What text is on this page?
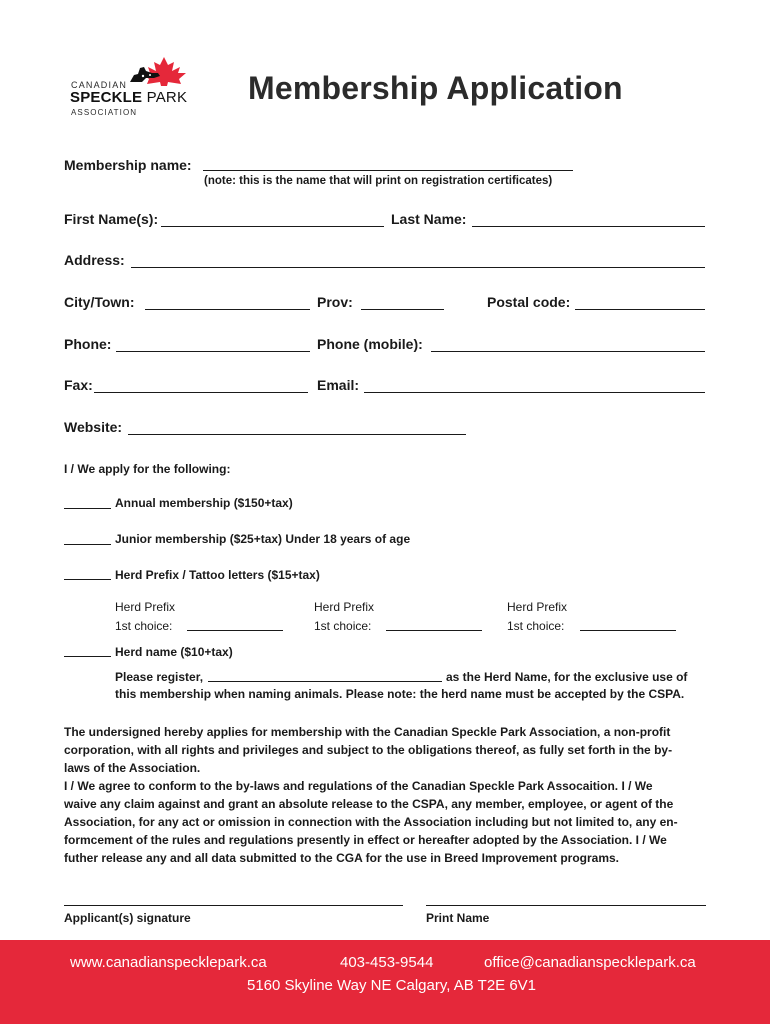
CANADIAN
SPECKLE PARK
ASSOCIATION
Membership Application
Membership name:
(note: this is the name that will print on registration certificates)
First Name(s):	Last Name:
Address:
City/Town:	Prov:	Postal code:
Phone:	Phone (mobile):
Fax:	Email:
Website:
I / We apply for the following:
Annual membership ($150+tax)
Junior membership ($25+tax) Under 18 years of age
Herd Prefix / Tattoo letters ($15+tax)
Herd Prefix
1st choice:
Herd Prefix
1st choice:
Herd Prefix
1st choice:
Herd name ($10+tax)
Please register,	as the Herd Name, for the exclusive use of
this membership when naming animals. Please note: the herd name must be accepted by the CSPA.
The undersigned hereby applies for membership with the Canadian Speckle Park Association, a non-profit
corporation, with all rights and privileges and subject to the obligations thereof, as fully set forth in the by-
laws of the Association.
I / We agree to conform to the by-laws and regulations of the Canadian Speckle Park Assocaition. I / We
waive any claim against and grant an absolute release to the CSPA, any member, employee, or agent of the
Association, for any act or omission in connection with the Association including but not limited to, any en-
formcement of the rules and regulations presently in effect or hereafter adopted by the Association. I / We
futher release any and all data submitted to the CGA for the use in Breed Improvement programs.
Applicant(s) signature	Print Name
www.canadianspecklepark.ca	403-453-9544	office@canadianspecklepark.ca
5160 Skyline Way NE Calgary, AB T2E 6V1
